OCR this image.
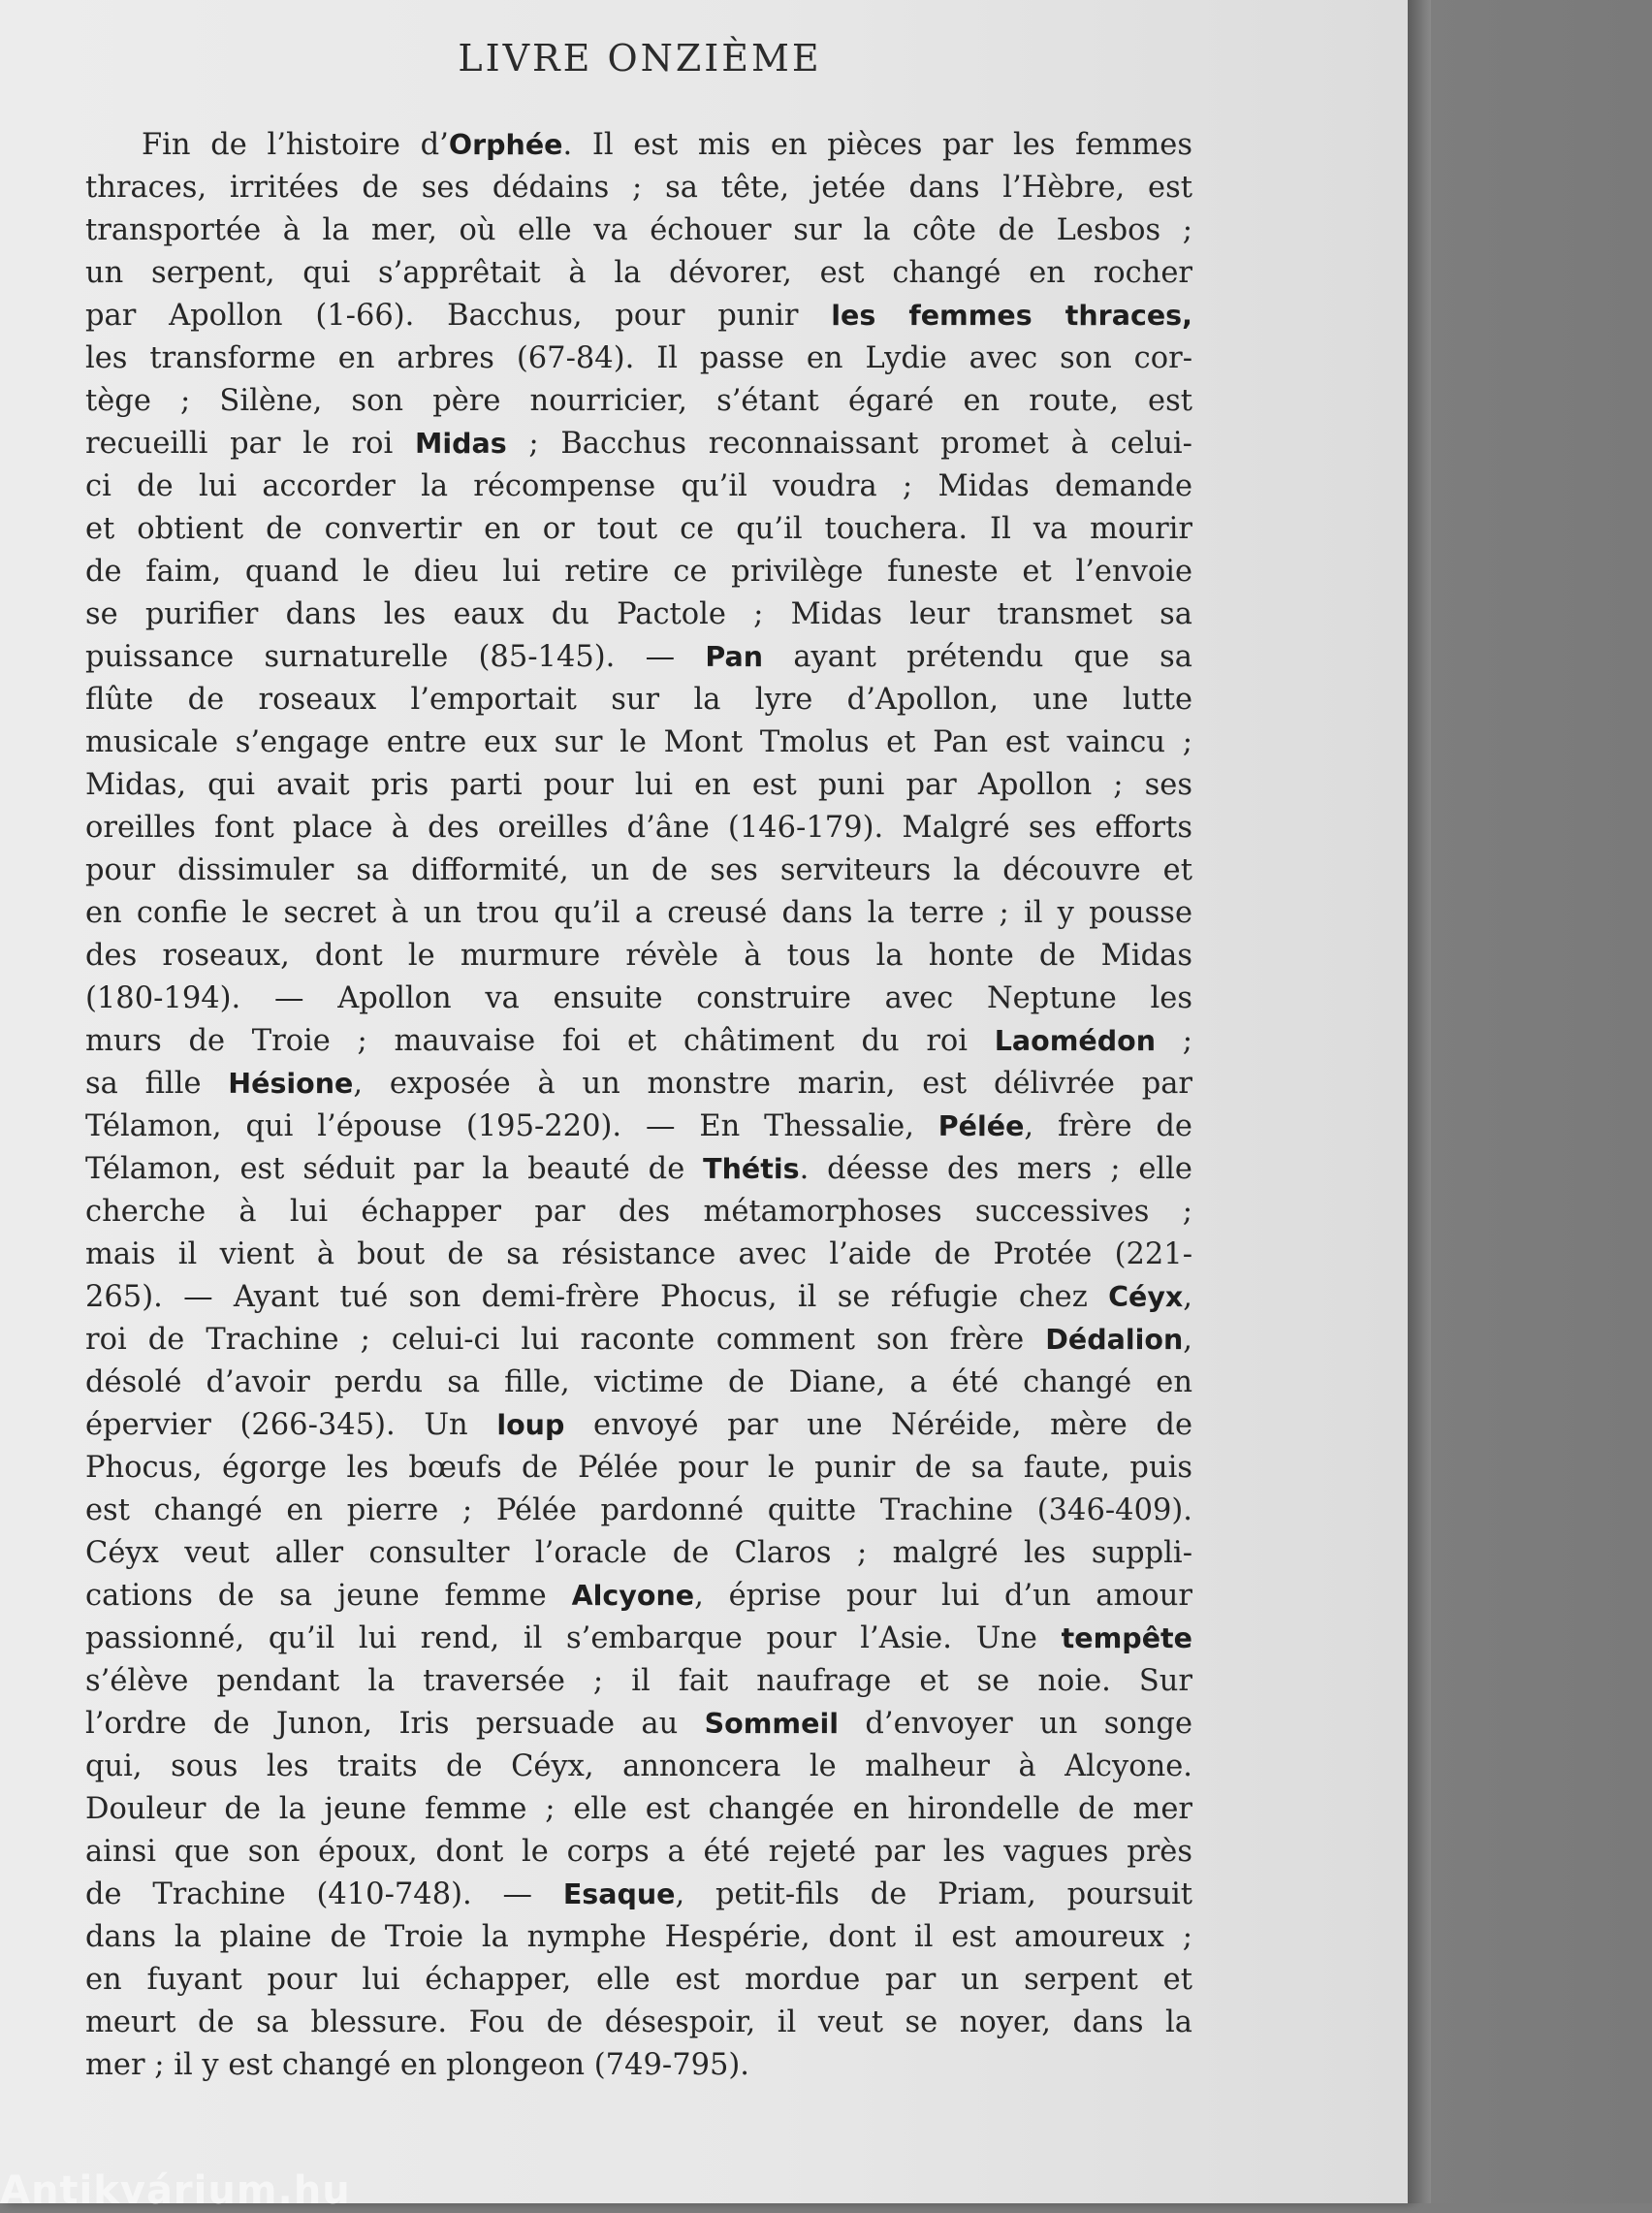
LIVRE ONZIÈME
Fin de l’histoire d’Orphée. Il est mis en pièces par les femmes
thraces, irritées de ses dédains ; sa tête, jetée dans l’Hèbre, est
transportée à la mer, où elle va échouer sur la côte de Lesbos ;
un serpent, qui s’apprêtait à la dévorer, est changé en rocher
par Apollon (1-66). Bacchus, pour punir les femmes thraces,
les transforme en arbres (67-84). Il passe en Lydie avec son cor-
tège ; Silène, son père nourricier, s’étant égaré en route, est
recueilli par le roi Midas ; Bacchus reconnaissant promet à celui-
ci de lui accorder la récompense qu’il voudra ; Midas demande
et obtient de convertir en or tout ce qu’il touchera. Il va mourir
de faim, quand le dieu lui retire ce privilège funeste et l’envoie
se purifier dans les eaux du Pactole ; Midas leur transmet sa
puissance surnaturelle (85-145). — Pan ayant prétendu que sa
flûte de roseaux l’emportait sur la lyre d’Apollon, une lutte
musicale s’engage entre eux sur le Mont Tmolus et Pan est vaincu ;
Midas, qui avait pris parti pour lui en est puni par Apollon ; ses
oreilles font place à des oreilles d’âne (146-179). Malgré ses efforts
pour dissimuler sa difformité, un de ses serviteurs la découvre et
en confie le secret à un trou qu’il a creusé dans la terre ; il y pousse
des roseaux, dont le murmure révèle à tous la honte de Midas
(180-194). — Apollon va ensuite construire avec Neptune les
murs de Troie ; mauvaise foi et châtiment du roi Laomédon ;
sa fille Hésione, exposée à un monstre marin, est délivrée par
Télamon, qui l’épouse (195-220). — En Thessalie, Pélée, frère de
Télamon, est séduit par la beauté de Thétis. déesse des mers ; elle
cherche à lui échapper par des métamorphoses successives ;
mais il vient à bout de sa résistance avec l’aide de Protée (221-
265). — Ayant tué son demi-frère Phocus, il se réfugie chez Céyx,
roi de Trachine ; celui-ci lui raconte comment son frère Dédalion,
désolé d’avoir perdu sa fille, victime de Diane, a été changé en
épervier (266-345). Un loup envoyé par une Néréide, mère de
Phocus, égorge les bœufs de Pélée pour le punir de sa faute, puis
est changé en pierre ; Pélée pardonné quitte Trachine (346-409).
Céyx veut aller consulter l’oracle de Claros ; malgré les suppli-
cations de sa jeune femme Alcyone, éprise pour lui d’un amour
passionné, qu’il lui rend, il s’embarque pour l’Asie. Une tempête
s’élève pendant la traversée ; il fait naufrage et se noie. Sur
l’ordre de Junon, Iris persuade au Sommeil d’envoyer un songe
qui, sous les traits de Céyx, annoncera le malheur à Alcyone.
Douleur de la jeune femme ; elle est changée en hirondelle de mer
ainsi que son époux, dont le corps a été rejeté par les vagues près
de Trachine (410-748). — Esaque, petit-fils de Priam, poursuit
dans la plaine de Troie la nymphe Hespérie, dont il est amoureux ;
en fuyant pour lui échapper, elle est mordue par un serpent et
meurt de sa blessure. Fou de désespoir, il veut se noyer, dans la
mer ; il y est changé en plongeon (749-795).
Antikvárium.hu
